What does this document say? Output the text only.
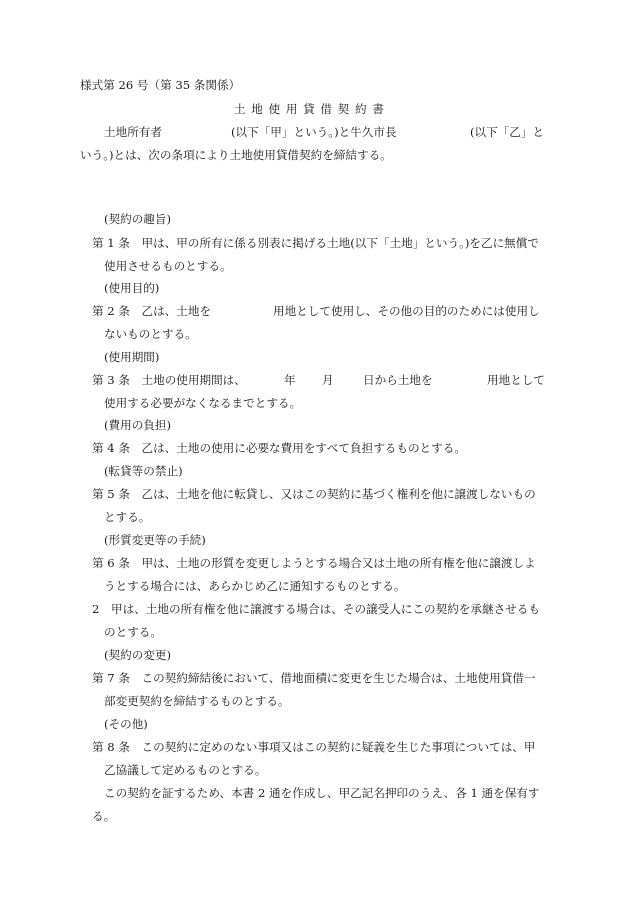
様式第 26 号（第 35 条関係）
土 地 使 用 貸 借 契 約 書
土地所有者	(以下「甲」という。)と牛久市長	(以下「乙」と
いう。)とは、次の条項により土地使用貸借契約を締結する。
(契約の趣旨)
第 1 条　甲は、甲の所有に係る別表に掲げる土地(以下「土地」という。)を乙に無償で
使用させるものとする。
(使用目的)
第 2 条　乙は、土地を	用地として使用し、その他の目的のためには使用し
ないものとする。
(使用期間)
第 3 条　土地の使用期間は、	年 月	日から土地を	用地として
使用する必要がなくなるまでとする。
(費用の負担)
第 4 条　乙は、土地の使用に必要な費用をすべて負担するものとする。
(転貸等の禁止)
第 5 条　乙は、土地を他に転貸し、又はこの契約に基づく権利を他に譲渡しないもの
とする。
(形質変更等の手続)
第 6 条　甲は、土地の形質を変更しようとする場合又は土地の所有権を他に譲渡しよ
うとする場合には、あらかじめ乙に通知するものとする。
2　甲は、土地の所有権を他に譲渡する場合は、その譲受人にこの契約を承継させるも
のとする。
(契約の変更)
第 7 条　この契約締結後において、借地面積に変更を生じた場合は、土地使用貸借一
部変更契約を締結するものとする。
(その他)
第 8 条　この契約に定めのない事項又はこの契約に疑義を生じた事項については、甲
乙協議して定めるものとする。
この契約を証するため、本書 2 通を作成し、甲乙記名押印のうえ、各 1 通を保有す
る。
